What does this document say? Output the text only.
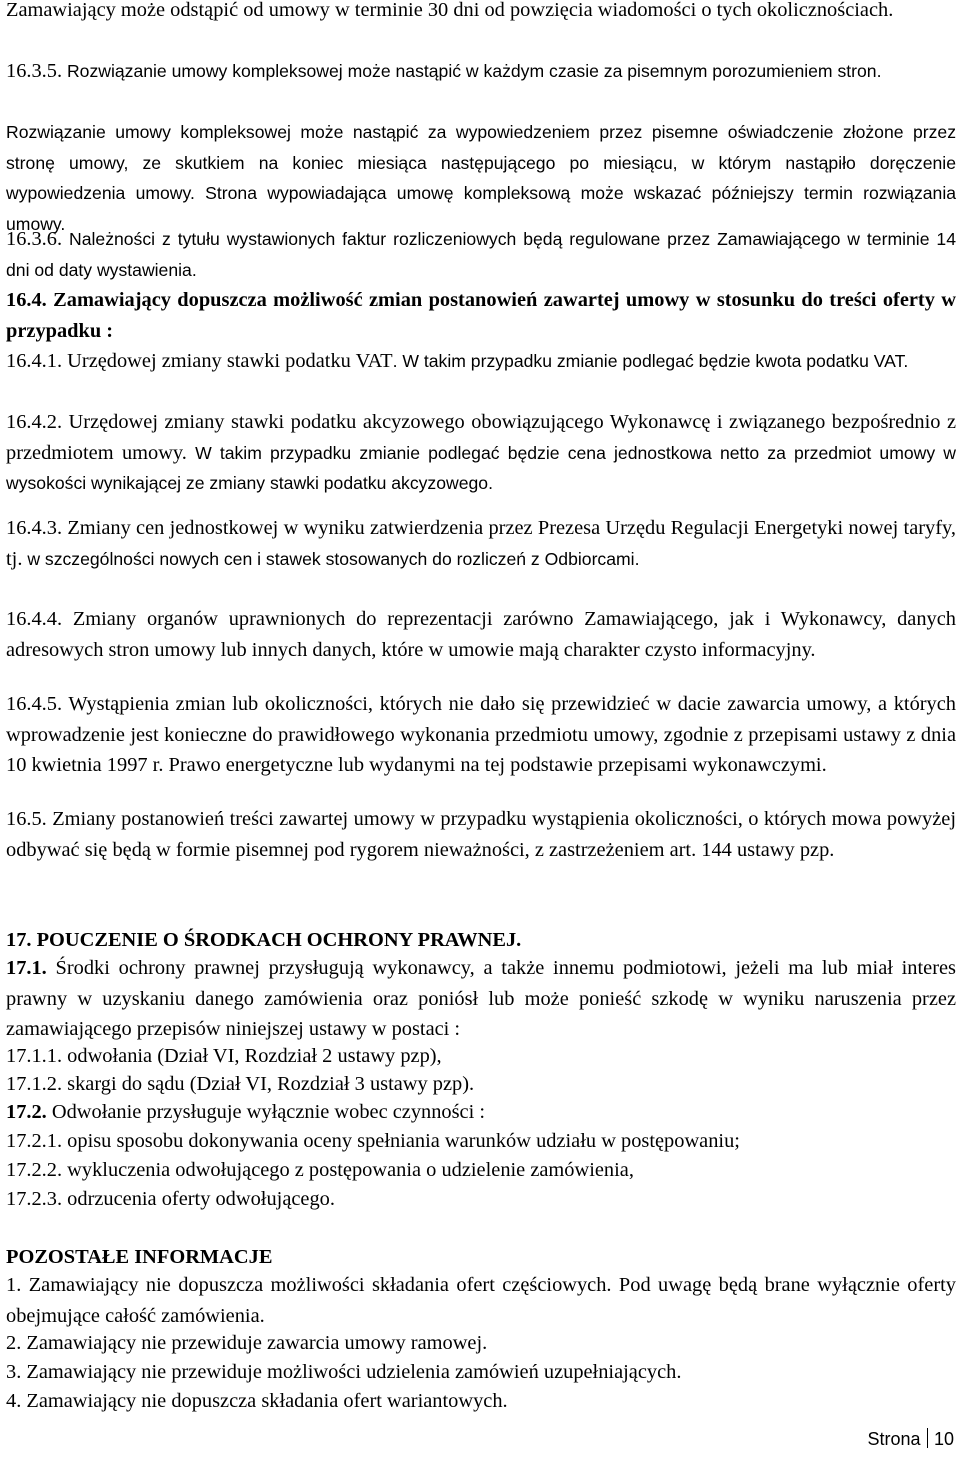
Zamawiający może odstąpić od umowy w terminie 30 dni od powzięcia wiadomości o tych okolicznościach.
16.3.5. Rozwiązanie umowy kompleksowej może nastąpić w każdym czasie za pisemnym porozumieniem stron.
Rozwiązanie umowy kompleksowej może nastąpić za wypowiedzeniem przez pisemne oświadczenie złożone przez stronę umowy, ze skutkiem na koniec miesiąca następującego po miesiącu, w którym nastąpiło doręczenie wypowiedzenia umowy. Strona wypowiadająca umowę kompleksową może wskazać późniejszy termin rozwiązania umowy.
16.3.6. Należności z tytułu wystawionych faktur rozliczeniowych będą regulowane przez Zamawiającego w terminie 14 dni od daty wystawienia.
16.4. Zamawiający dopuszcza możliwość zmian postanowień zawartej umowy w stosunku do treści oferty w przypadku :
16.4.1. Urzędowej zmiany stawki podatku VAT. W takim przypadku zmianie podlegać będzie kwota podatku VAT.
16.4.2. Urzędowej zmiany stawki podatku akcyzowego obowiązującego Wykonawcę i związanego bezpośrednio z przedmiotem umowy. W takim przypadku zmianie podlegać będzie cena jednostkowa netto za przedmiot umowy w wysokości wynikającej ze zmiany stawki podatku akcyzowego.
16.4.3. Zmiany cen jednostkowej w wyniku zatwierdzenia przez Prezesa Urzędu Regulacji Energetyki nowej taryfy, tj. w szczególności nowych cen i stawek stosowanych do rozliczeń z Odbiorcami.
16.4.4. Zmiany organów uprawnionych do reprezentacji zarówno Zamawiającego, jak i Wykonawcy, danych adresowych stron umowy lub innych danych, które w umowie mają charakter czysto informacyjny.
16.4.5. Wystąpienia zmian lub okoliczności, których nie dało się przewidzieć w dacie zawarcia umowy, a których wprowadzenie jest konieczne do prawidłowego wykonania przedmiotu umowy, zgodnie z przepisami ustawy z dnia 10 kwietnia 1997 r. Prawo energetyczne lub wydanymi na tej podstawie przepisami wykonawczymi.
16.5. Zmiany postanowień treści zawartej umowy w przypadku wystąpienia okoliczności, o których mowa powyżej odbywać się będą w formie pisemnej pod rygorem nieważności, z zastrzeżeniem art. 144 ustawy pzp.
17. POUCZENIE O ŚRODKACH OCHRONY PRAWNEJ.
17.1. Środki ochrony prawnej przysługują wykonawcy, a także innemu podmiotowi, jeżeli ma lub miał interes prawny w uzyskaniu danego zamówienia oraz poniósł lub może ponieść szkodę w wyniku naruszenia przez zamawiającego przepisów niniejszej ustawy w postaci :
17.1.1. odwołania (Dział VI, Rozdział 2 ustawy pzp),
17.1.2. skargi do sądu (Dział VI, Rozdział 3 ustawy pzp).
17.2. Odwołanie przysługuje wyłącznie wobec czynności :
17.2.1. opisu sposobu dokonywania oceny spełniania warunków udziału w postępowaniu;
17.2.2. wykluczenia odwołującego z postępowania o udzielenie zamówienia,
17.2.3. odrzucenia oferty odwołującego.
POZOSTAŁE INFORMACJE
1. Zamawiający nie dopuszcza możliwości składania ofert częściowych. Pod uwagę będą brane wyłącznie oferty obejmujące całość zamówienia.
2. Zamawiający nie przewiduje zawarcia umowy ramowej.
3. Zamawiający nie przewiduje możliwości udzielenia zamówień uzupełniających.
4. Zamawiający nie dopuszcza składania ofert wariantowych.
Strona 10
